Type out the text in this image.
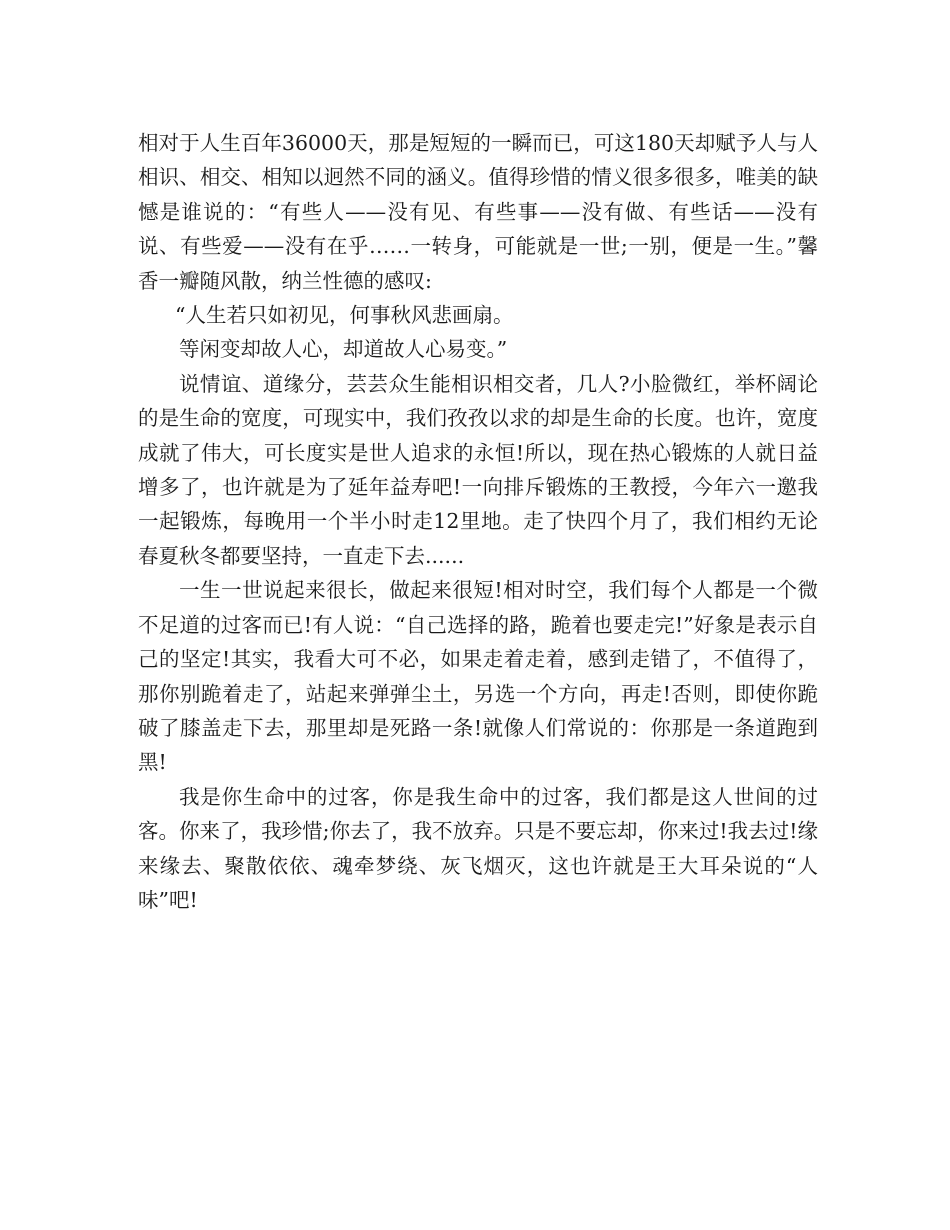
相对于人生百年36000天，那是短短的一瞬而已，可这180天却赋予人与人相识、相交、相知以迥然不同的涵义。值得珍惜的情义很多很多，唯美的缺憾是谁说的：“有些人——没有见、有些事——没有做、有些话——没有说、有些爱——没有在乎……一转身，可能就是一世;一别，便是一生。”馨香一瓣随风散，纳兰性德的感叹:

“人生若只如初见，何事秋风悲画扇。

等闲变却故人心，却道故人心易变。”

说情谊、道缘分，芸芸众生能相识相交者，几人?小脸微红，举杯阔论的是生命的宽度，可现实中，我们孜孜以求的却是生命的长度。也许，宽度成就了伟大，可长度实是世人追求的永恒!所以，现在热心锻炼的人就日益增多了，也许就是为了延年益寿吧!一向排斥锻炼的王教授，今年六一邀我一起锻炼，每晚用一个半小时走12里地。走了快四个月了，我们相约无论春夏秋冬都要坚持，一直走下去......

一生一世说起来很长，做起来很短!相对时空，我们每个人都是一个微不足道的过客而已!有人说：“自己选择的路，跪着也要走完!”好象是表示自己的坚定!其实，我看大可不必，如果走着走着，感到走错了，不值得了，那你别跪着走了，站起来弹弹尘土，另选一个方向，再走!否则，即使你跪破了膝盖走下去，那里却是死路一条!就像人们常说的：你那是一条道跑到黑!

我是你生命中的过客，你是我生命中的过客，我们都是这人世间的过客。你来了，我珍惜;你去了，我不放弃。只是不要忘却，你来过!我去过!缘来缘去、聚散依依、魂牵梦绕、灰飞烟灭，这也许就是王大耳朵说的“人味”吧!
